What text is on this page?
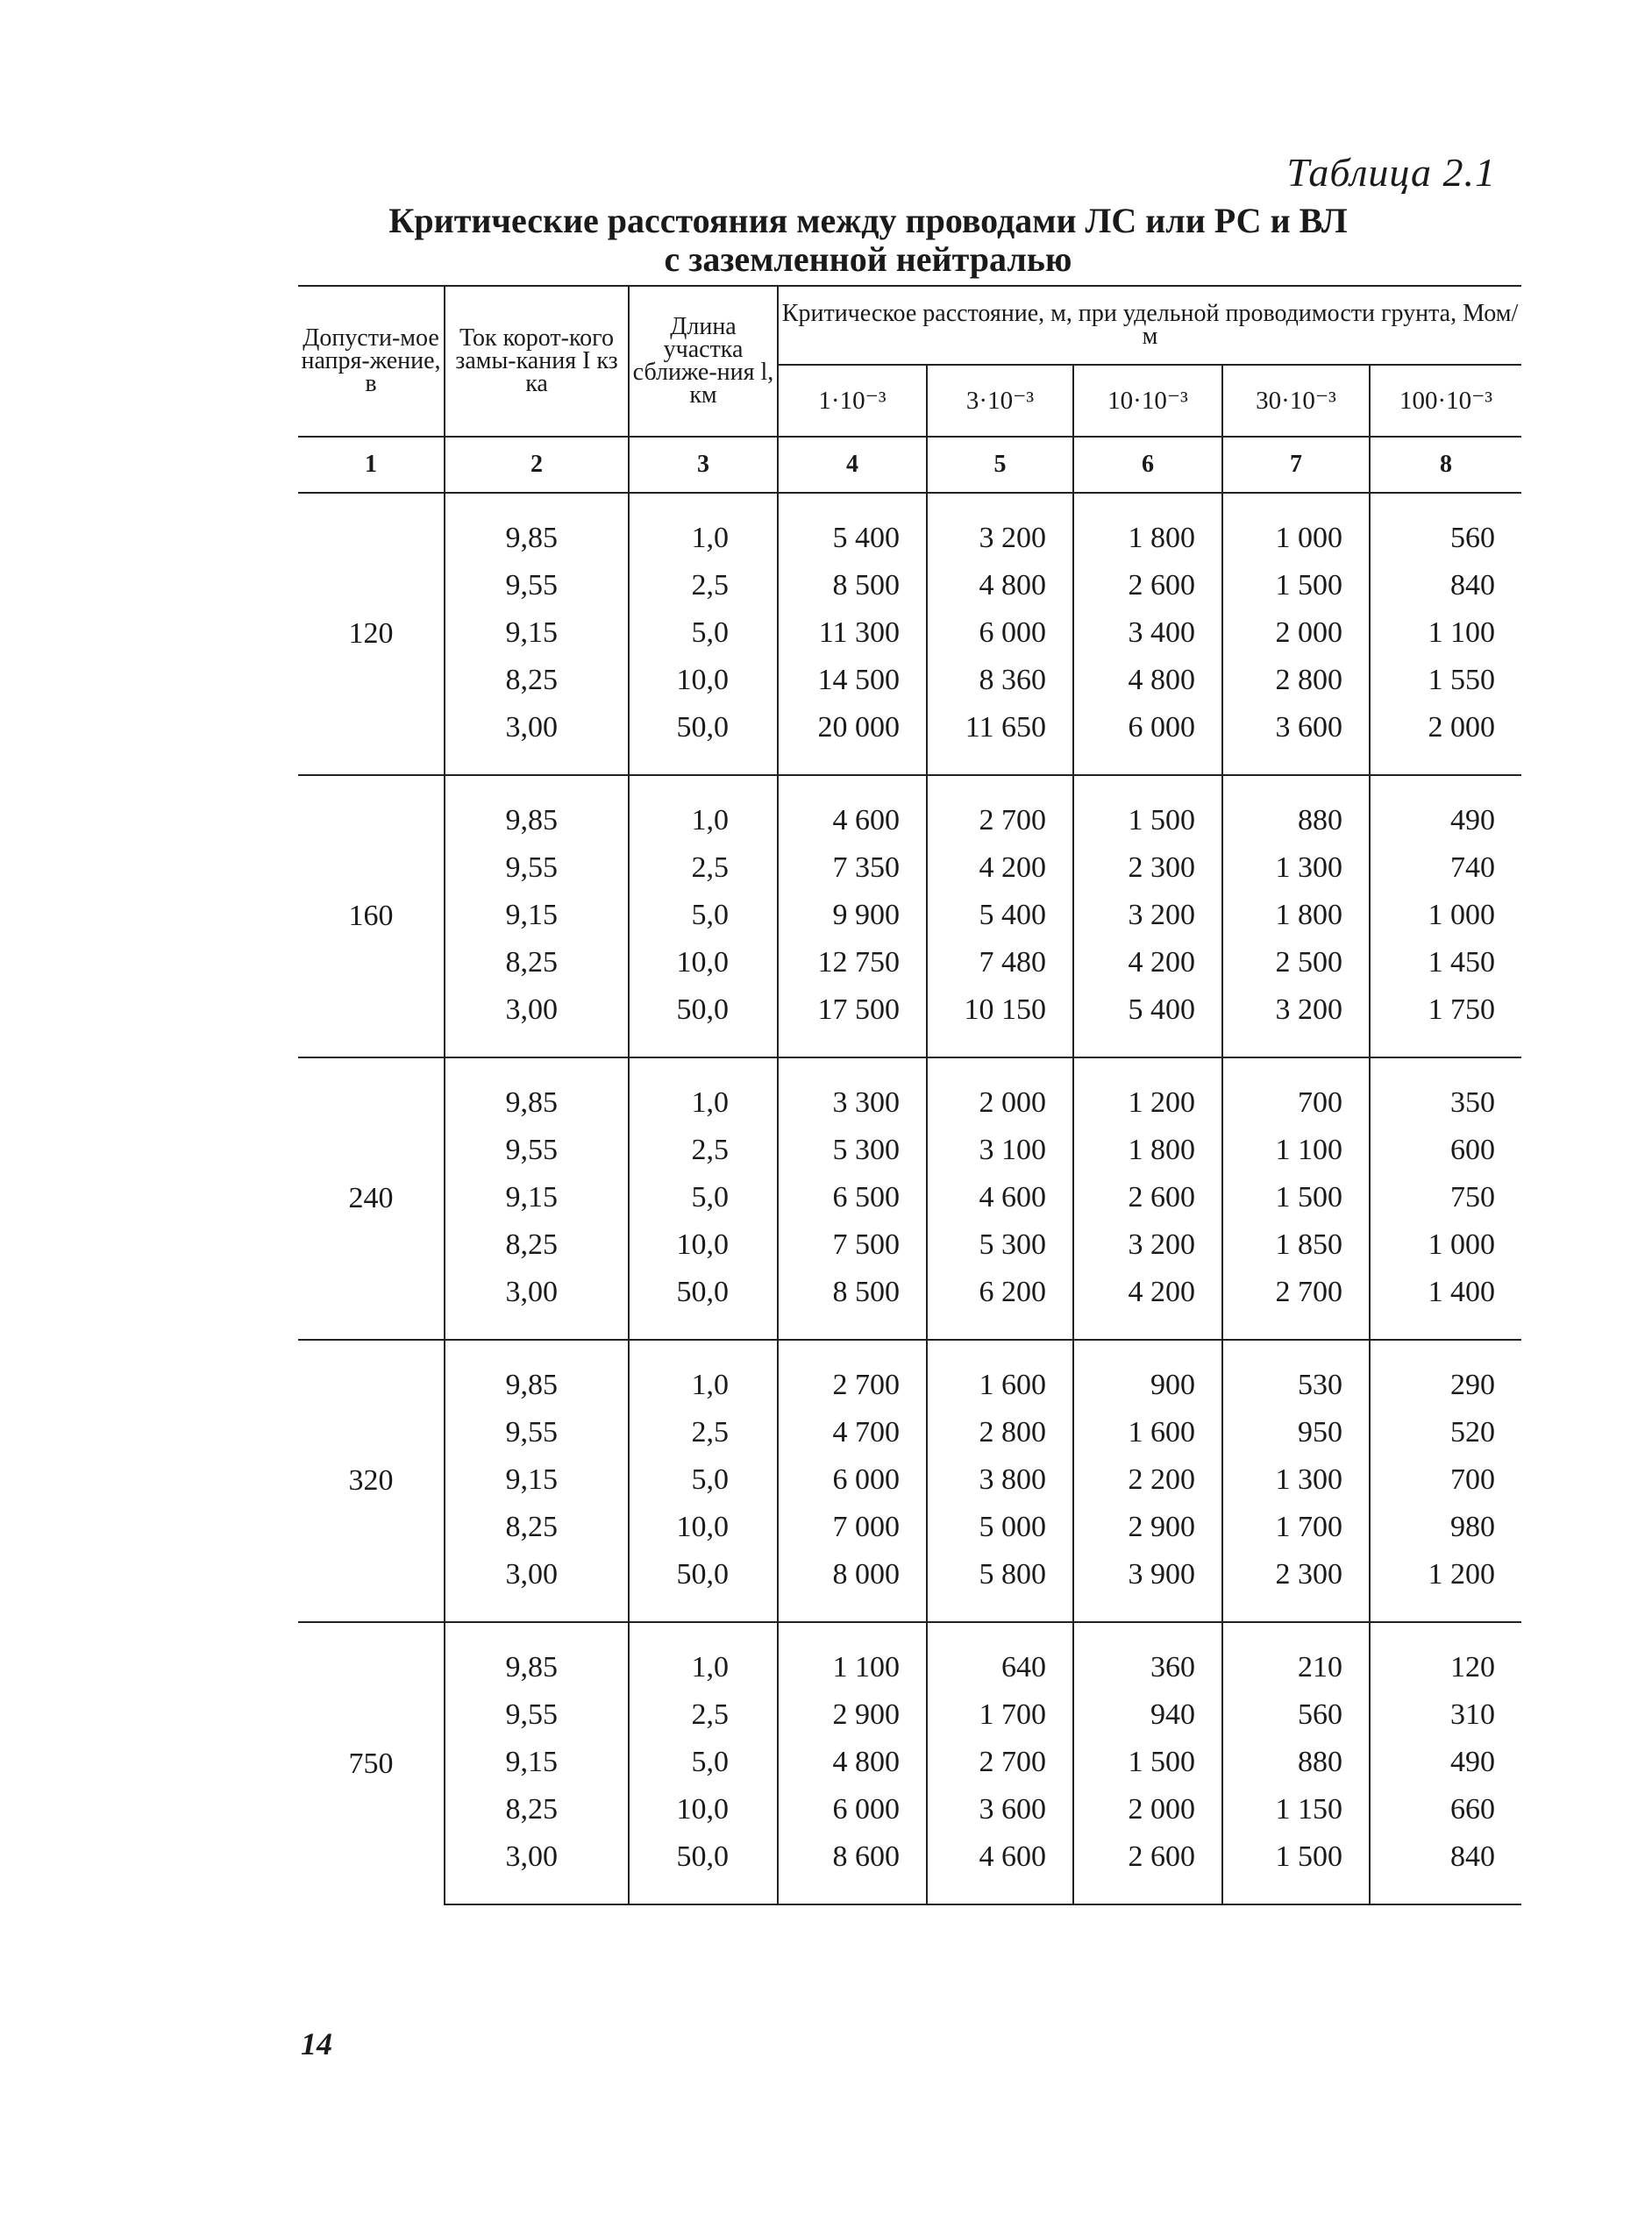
Таблица 2.1

Критические расстояния между проводами ЛС или РС и ВЛ
с заземленной нейтралью
Допусти-мое напря-жение, в	Ток корот-кого замы-кания I кз ка	Длина участка сближе-ния l, км	Критическое расстояние, м, при удельной проводимости грунта, Мом/м				
			1·10⁻³	3·10⁻³	10·10⁻³	30·10⁻³	100·10⁻³
1	2	3	4	5	6	7	8
120							
	9,85	1,0	5 400	3 200	1 800	1 000	560
	9,55	2,5	8 500	4 800	2 600	1 500	840
	9,15	5,0	11 300	6 000	3 400	2 000	1 100
	8,25	10,0	14 500	8 360	4 800	2 800	1 550
	3,00	50,0	20 000	11 650	6 000	3 600	2 000

160							
	9,85	1,0	4 600	2 700	1 500	880	490
	9,55	2,5	7 350	4 200	2 300	1 300	740
	9,15	5,0	9 900	5 400	3 200	1 800	1 000
	8,25	10,0	12 750	7 480	4 200	2 500	1 450
	3,00	50,0	17 500	10 150	5 400	3 200	1 750

240							
	9,85	1,0	3 300	2 000	1 200	700	350
	9,55	2,5	5 300	3 100	1 800	1 100	600
	9,15	5,0	6 500	4 600	2 600	1 500	750
	8,25	10,0	7 500	5 300	3 200	1 850	1 000
	3,00	50,0	8 500	6 200	4 200	2 700	1 400

320							
	9,85	1,0	2 700	1 600	900	530	290
	9,55	2,5	4 700	2 800	1 600	950	520
	9,15	5,0	6 000	3 800	2 200	1 300	700
	8,25	10,0	7 000	5 000	2 900	1 700	980
	3,00	50,0	8 000	5 800	3 900	2 300	1 200

750							
	9,85	1,0	1 100	640	360	210	120
	9,55	2,5	2 900	1 700	940	560	310
	9,15	5,0	4 800	2 700	1 500	880	490
	8,25	10,0	6 000	3 600	2 000	1 150	660
	3,00	50,0	8 600	4 600	2 600	1 500	840

14
